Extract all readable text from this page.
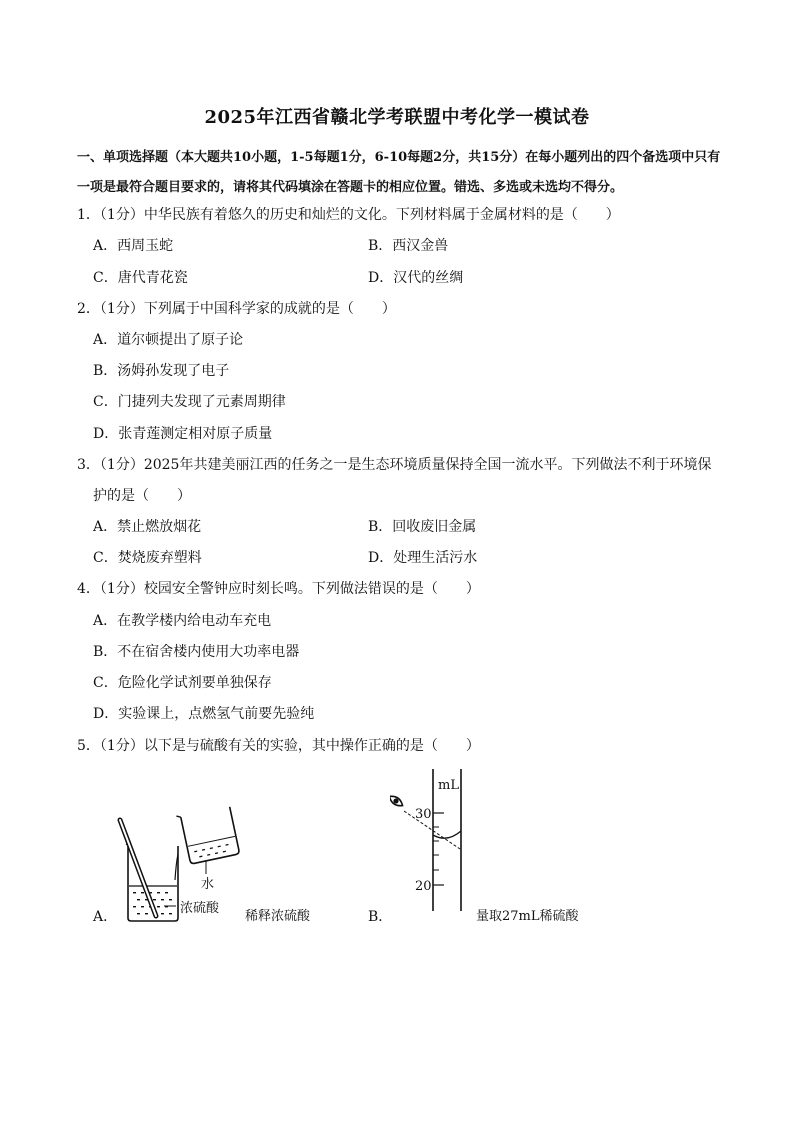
2025年江西省赣北学考联盟中考化学一模试卷
一、单项选择题（本大题共10小题，1-5每题1分，6-10每题2分，共15分）在每小题列出的四个备选项中只有一项是最符合题目要求的，请将其代码填涂在答题卡的相应位置。错选、多选或未选均不得分。
1．（1分）中华民族有着悠久的历史和灿烂的文化。下列材料属于金属材料的是（　　）
A．西周玉蛇	B．西汉金兽
C．唐代青花瓷	D．汉代的丝绸
2．（1分）下列属于中国科学家的成就的是（　　）
A．道尔顿提出了原子论
B．汤姆孙发现了电子
C．门捷列夫发现了元素周期律
D．张青莲测定相对原子质量
3．（1分）2025年共建美丽江西的任务之一是生态环境质量保持全国一流水平。下列做法不利于环境保
护的是（　　）
A．禁止燃放烟花	B．回收废旧金属
C．焚烧废弃塑料	D．处理生活污水
4．（1分）校园安全警钟应时刻长鸣。下列做法错误的是（　　）
A．在教学楼内给电动车充电
B．不在宿舍楼内使用大功率电器
C．危险化学试剂要单独保存
D．实验课上，点燃氢气前要先验纯
5．（1分）以下是与硫酸有关的实验，其中操作正确的是（　　）
A．
水
浓硫酸
稀释浓硫酸	B．
mL
30
20
量取27mL稀硫酸
